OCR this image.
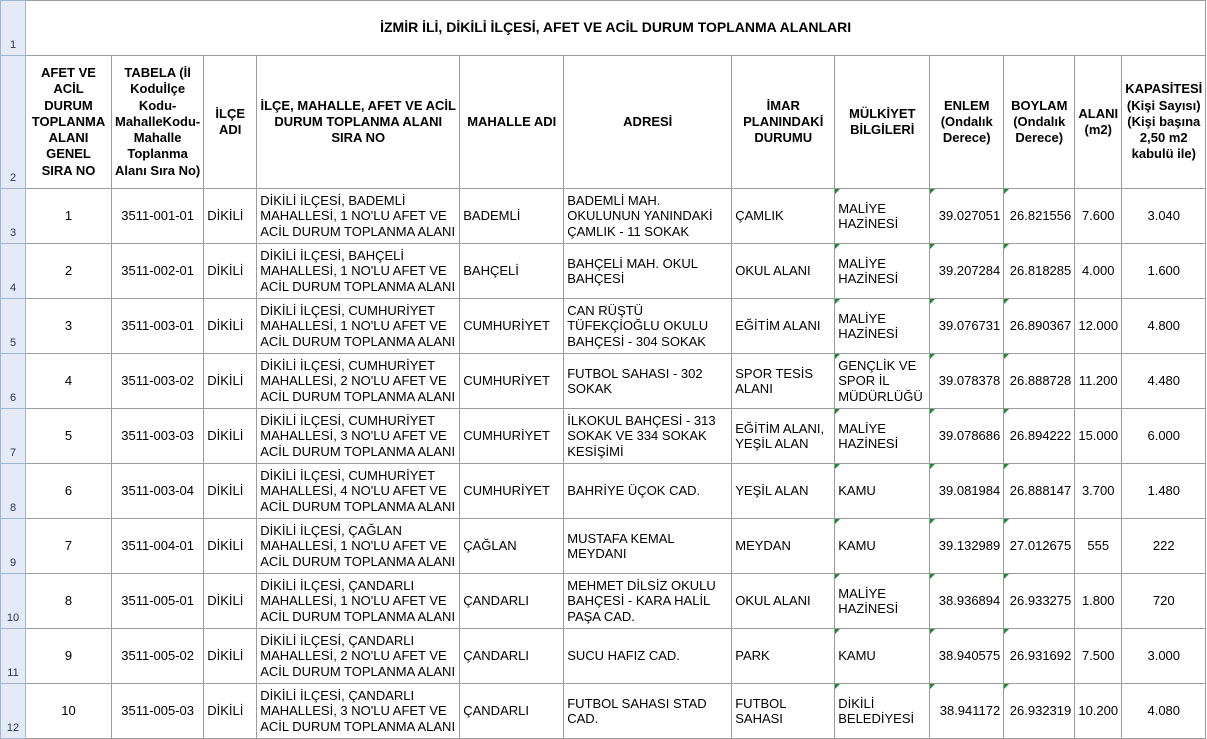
1	İZMİR İLİ, DİKİLİ İLÇESİ, AFET VE ACİL DURUM TOPLANMA ALANLARI											
2	AFET VE ACİL DURUM TOPLANMA ALANI GENEL SIRA NO	TABELA (İl Koduİlçe Kodu-MahalleKodu-Mahalle Toplanma Alanı Sıra No)	İLÇE ADI	İLÇE, MAHALLE, AFET VE ACİL DURUM TOPLANMA ALANI SIRA NO	MAHALLE ADI	ADRESİ	İMAR PLANINDAKİ DURUMU	MÜLKİYET BİLGİLERİ	ENLEM (Ondalık Derece)	BOYLAM (Ondalık Derece)	ALANI (m2)	KAPASİTESİ (Kişi Sayısı) (Kişi başına 2,50 m2 kabulü ile)
3	1	3511-001-01	DİKİLİ	DİKİLİ İLÇESİ, BADEMLİ MAHALLESİ, 1 NO'LU AFET VE ACİL DURUM TOPLANMA ALANI	BADEMLİ	BADEMLİ MAH. OKULUNUN YANINDAKİ ÇAMLIK - 11 SOKAK	ÇAMLIK	MALİYE HAZİNESİ	39.027051	26.821556	7.600	3.040
4	2	3511-002-01	DİKİLİ	DİKİLİ İLÇESİ, BAHÇELİ MAHALLESİ, 1 NO'LU AFET VE ACİL DURUM TOPLANMA ALANI	BAHÇELİ	BAHÇELİ MAH. OKUL BAHÇESİ	OKUL ALANI	MALİYE HAZİNESİ	39.207284	26.818285	4.000	1.600
5	3	3511-003-01	DİKİLİ	DİKİLİ İLÇESİ, CUMHURİYET MAHALLESİ, 1 NO'LU AFET VE ACİL DURUM TOPLANMA ALANI	CUMHURİYET	CAN RÜŞTÜ TÜFEKÇİOĞLU OKULU BAHÇESİ - 304 SOKAK	EĞİTİM ALANI	MALİYE HAZİNESİ	39.076731	26.890367	12.000	4.800
6	4	3511-003-02	DİKİLİ	DİKİLİ İLÇESİ, CUMHURİYET MAHALLESİ, 2 NO'LU AFET VE ACİL DURUM TOPLANMA ALANI	CUMHURİYET	FUTBOL SAHASI - 302 SOKAK	SPOR TESİS ALANI	GENÇLİK VE SPOR İL MÜDÜRLÜĞÜ	39.078378	26.888728	11.200	4.480
7	5	3511-003-03	DİKİLİ	DİKİLİ İLÇESİ, CUMHURİYET MAHALLESİ, 3 NO'LU AFET VE ACİL DURUM TOPLANMA ALANI	CUMHURİYET	İLKOKUL BAHÇESİ - 313 SOKAK VE 334 SOKAK KESİŞİMİ	EĞİTİM ALANI, YEŞİL ALAN	MALİYE HAZİNESİ	39.078686	26.894222	15.000	6.000
8	6	3511-003-04	DİKİLİ	DİKİLİ İLÇESİ, CUMHURİYET MAHALLESİ, 4 NO'LU AFET VE ACİL DURUM TOPLANMA ALANI	CUMHURİYET	BAHRİYE ÜÇOK CAD.	YEŞİL ALAN	KAMU	39.081984	26.888147	3.700	1.480
9	7	3511-004-01	DİKİLİ	DİKİLİ İLÇESİ, ÇAĞLAN MAHALLESİ, 1 NO'LU AFET VE ACİL DURUM TOPLANMA ALANI	ÇAĞLAN	MUSTAFA KEMAL MEYDANI	MEYDAN	KAMU	39.132989	27.012675	555	222
10	8	3511-005-01	DİKİLİ	DİKİLİ İLÇESİ, ÇANDARLI MAHALLESİ, 1 NO'LU AFET VE ACİL DURUM TOPLANMA ALANI	ÇANDARLI	MEHMET DİLSİZ OKULU BAHÇESİ - KARA HALİL PAŞA CAD.	OKUL ALANI	MALİYE HAZİNESİ	38.936894	26.933275	1.800	720
11	9	3511-005-02	DİKİLİ	DİKİLİ İLÇESİ, ÇANDARLI MAHALLESİ, 2 NO'LU AFET VE ACİL DURUM TOPLANMA ALANI	ÇANDARLI	SUCU HAFIZ CAD.	PARK	KAMU	38.940575	26.931692	7.500	3.000
12	10	3511-005-03	DİKİLİ	DİKİLİ İLÇESİ, ÇANDARLI MAHALLESİ, 3 NO'LU AFET VE ACİL DURUM TOPLANMA ALANI	ÇANDARLI	FUTBOL SAHASI STAD CAD.	FUTBOL SAHASI	DİKİLİ BELEDİYESİ	38.941172	26.932319	10.200	4.080
